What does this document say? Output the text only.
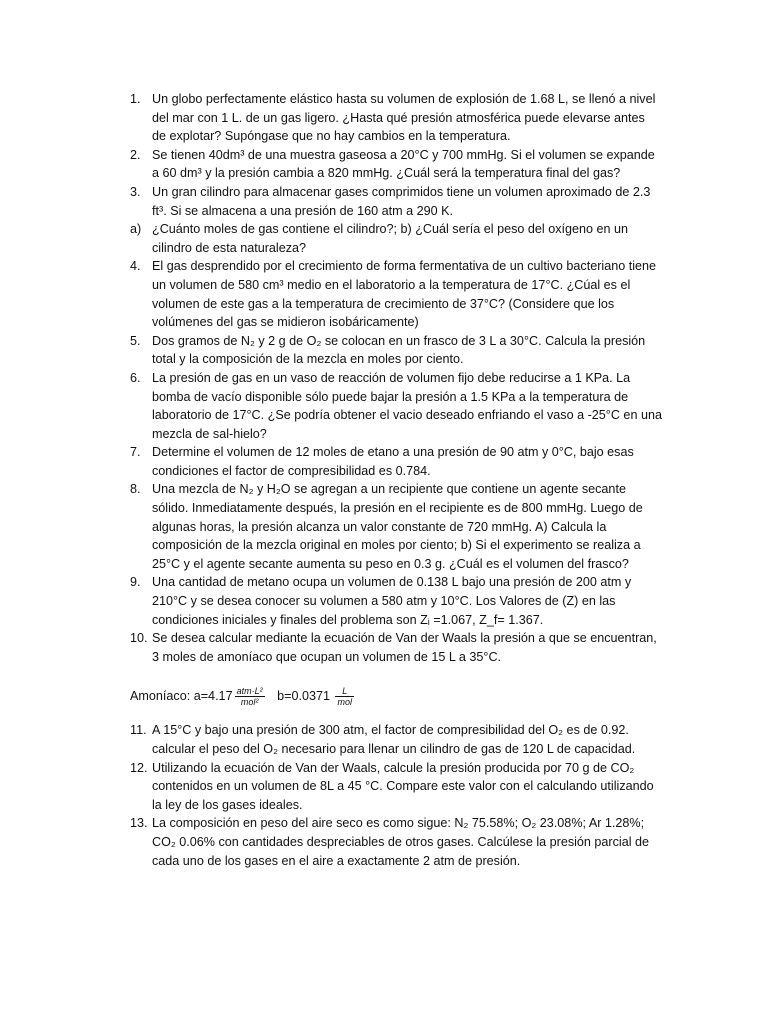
1. Un globo perfectamente elástico hasta su volumen de explosión de 1.68 L, se llenó a nivel del mar con 1 L. de un gas ligero. ¿Hasta qué presión atmosférica puede elevarse antes de explotar? Supóngase que no hay cambios en la temperatura.
2. Se tienen 40dm³ de una muestra gaseosa a 20°C y 700 mmHg. Si el volumen se expande a 60 dm³ y la presión cambia a 820 mmHg. ¿Cuál será la temperatura final del gas?
3. Un gran cilindro para almacenar gases comprimidos tiene un volumen aproximado de 2.3 ft³. Si se almacena a una presión de 160 atm a 290 K.
a) ¿Cuánto moles de gas contiene el cilindro?; b) ¿Cuál sería el peso del oxígeno en un cilindro de esta naturaleza?
4. El gas desprendido por el crecimiento de forma fermentativa de un cultivo bacteriano tiene un volumen de 580 cm³ medio en el laboratorio a la temperatura de 17°C. ¿Cúal es el volumen de este gas a la temperatura de crecimiento de 37°C? (Considere que los volúmenes del gas se midieron isobáricamente)
5. Dos gramos de N₂ y 2 g de O₂ se colocan en un frasco de 3 L a 30°C. Calcula la presión total y la composición de la mezcla en moles por ciento.
6. La presión de gas en un vaso de reacción de volumen fijo debe reducirse a 1 KPa. La bomba de vacío disponible sólo puede bajar la presión a 1.5 KPa a la temperatura de laboratorio de 17°C. ¿Se podría obtener el vacio deseado enfriando el vaso a -25°C en una mezcla de sal-hielo?
7. Determine el volumen de 12 moles de etano a una presión de 90 atm y 0°C, bajo esas condiciones el factor de compresibilidad es 0.784.
8. Una mezcla de N₂ y H₂O se agregan a un recipiente que contiene un agente secante sólido. Inmediatamente después, la presión en el recipiente es de 800 mmHg. Luego de algunas horas, la presión alcanza un valor constante de 720 mmHg. A) Calcula la composición de la mezcla original en moles por ciento; b) Si el experimento se realiza a 25°C y el agente secante aumenta su peso en 0.3 g. ¿Cuál es el volumen del frasco?
9. Una cantidad de metano ocupa un volumen de 0.138 L bajo una presión de 200 atm y 210°C y se desea conocer su volumen a 580 atm y 10°C. Los Valores de (Z) en las condiciones iniciales y finales del problema son Zᵢ =1.067, Z_f= 1.367.
10. Se desea calcular mediante la ecuación de Van der Waals la presión a que se encuentran, 3 moles de amoníaco que ocupan un volumen de 15 L a 35°C.
Amoníaco: $a=4.17 \frac{\text{atm·L²}}{\text{mol²}} b=0.0371 \frac{L}{\text{mol}}$
11. A 15°C y bajo una presión de 300 atm, el factor de compresibilidad del O₂ es de 0.92. calcular el peso del O₂ necesario para llenar un cilindro de gas de 120 L de capacidad.
12. Utilizando la ecuación de Van der Waals, calcule la presión producida por 70 g de CO₂ contenidos en un volumen de 8L a 45 °C. Compare este valor con el calculando utilizando la ley de los gases ideales.
13. La composición en peso del aire seco es como sigue: N₂ 75.58%; O₂ 23.08%; Ar 1.28%; CO₂ 0.06% con cantidades despreciables de otros gases. Calcúlese la presión parcial de cada uno de los gases en el aire a exactamente 2 atm de presión.
